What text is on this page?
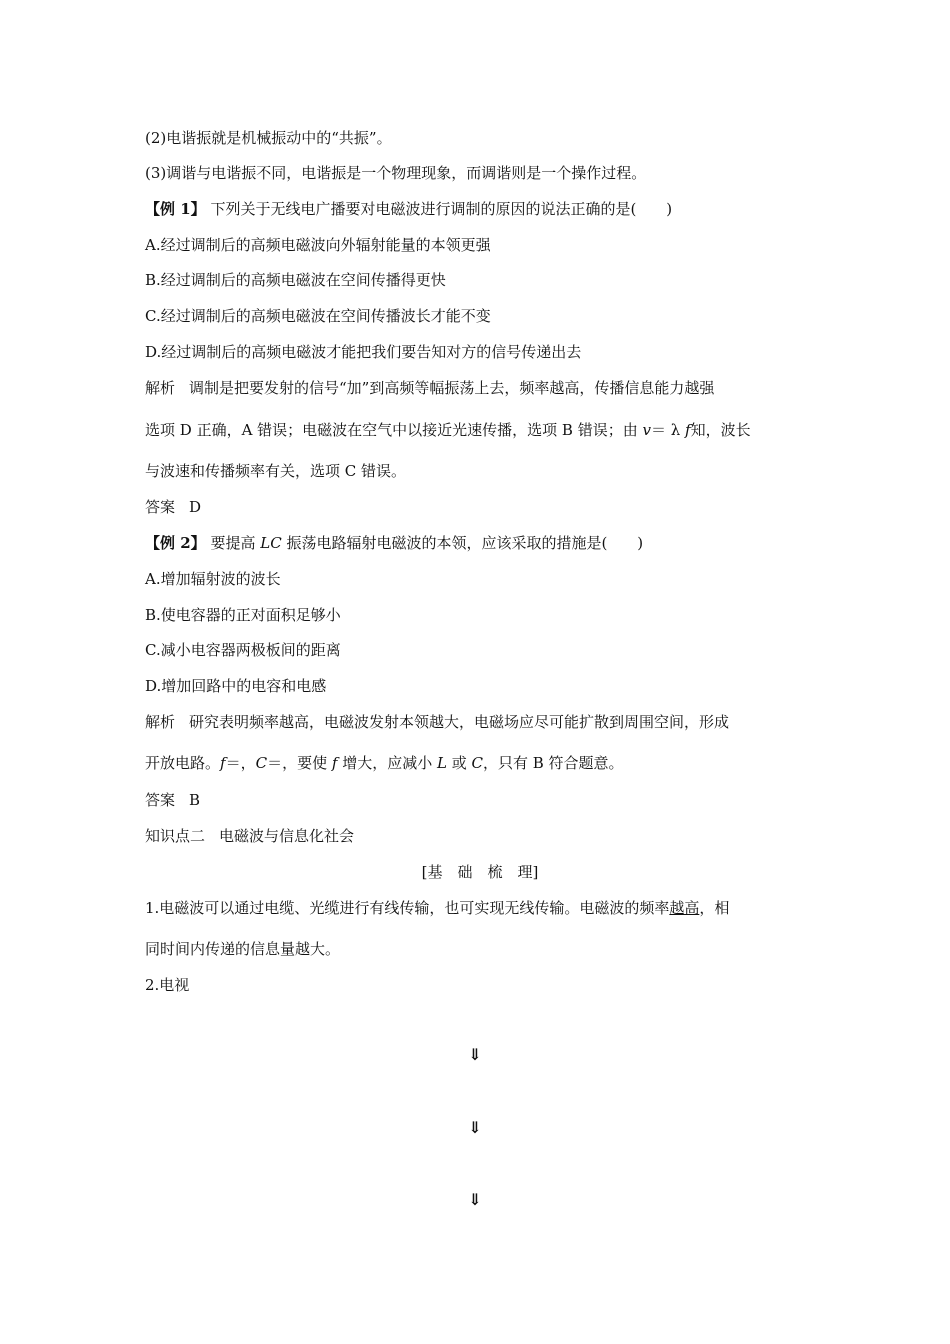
(2)电谐振就是机械振动中的“共振”。
(3)调谐与电谐振不同，电谐振是一个物理现象，而调谐则是一个操作过程。
【例 1】 下列关于无线电广播要对电磁波进行调制的原因的说法正确的是(　　)
A.经过调制后的高频电磁波向外辐射能量的本领更强
B.经过调制后的高频电磁波在空间传播得更快
C.经过调制后的高频电磁波在空间传播波长才能不变
D.经过调制后的高频电磁波才能把我们要告知对方的信号传递出去
解析 调制是把要发射的信号“加”到高频等幅振荡上去，频率越高，传播信息能力越强
选项 D 正确，A 错误；电磁波在空气中以接近光速传播，选项 B 错误；由 v＝ λ f知，波长
与波速和传播频率有关，选项 C 错误。
答案 D
【例 2】 要提高 LC 振荡电路辐射电磁波的本领，应该采取的措施是(　　)
A.增加辐射波的波长
B.使电容器的正对面积足够小
C.减小电容器两极板间的距离
D.增加回路中的电容和电感
解析 研究表明频率越高，电磁波发射本领越大，电磁场应尽可能扩散到周围空间，形成
开放电路。f＝，C＝，要使 f 增大，应减小 L 或 C，只有 B 符合题意。
答案 B
知识点二 电磁波与信息化社会
[基　础　梳　理]
1.电磁波可以通过电缆、光缆进行有线传输，也可实现无线传输。电磁波的频率越高，相
同时间内传递的信息量越大。
2.电视
⇓
⇓
⇓
